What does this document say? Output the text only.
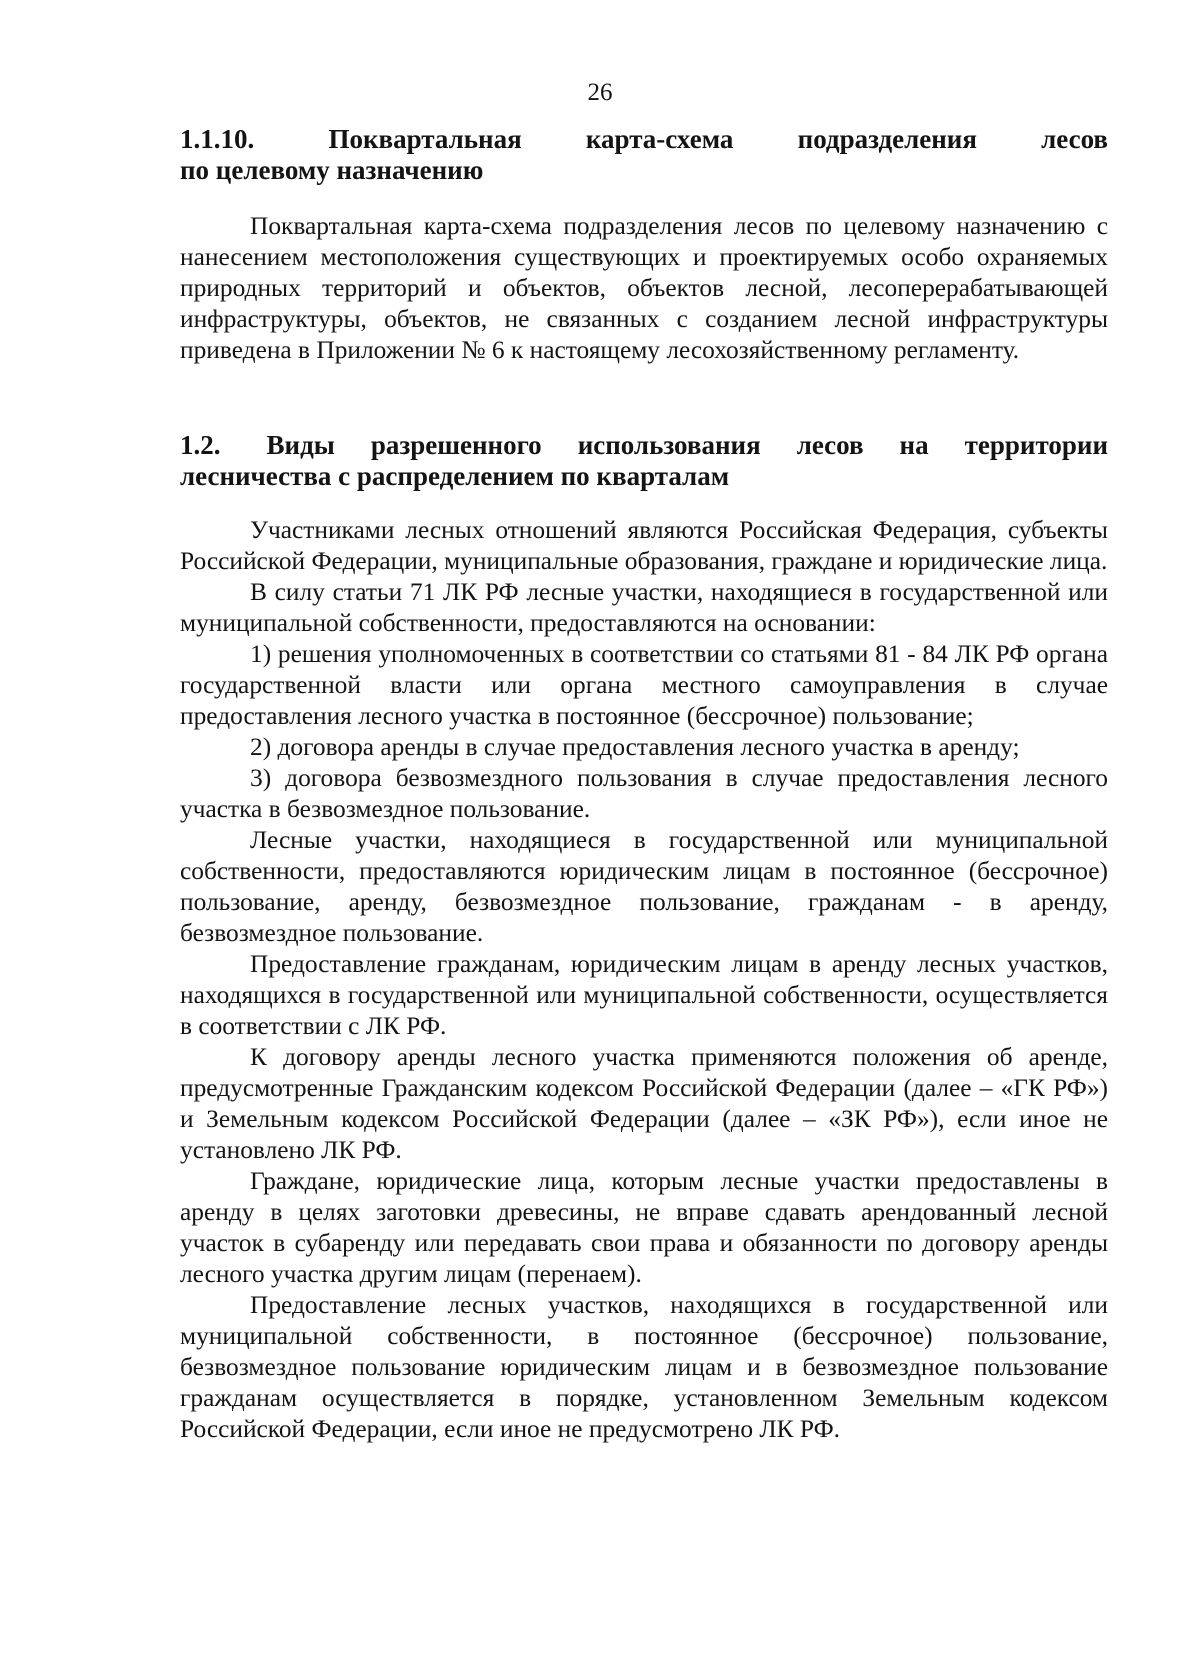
26
1.1.10.	Поквартальная карта-схема подразделения лесов
по целевому назначению

Поквартальная карта-схема подразделения лесов по целевому назначению с нанесением местоположения существующих и проектируемых особо охраняемых природных территорий и объектов, объектов лесной, лесоперерабатывающей инфраструктуры, объектов, не связанных с созданием лесной инфраструктуры приведена в Приложении № 6 к настоящему лесохозяйственному регламенту.

1.2. Виды разрешенного использования лесов на территории
лесничества с распределением по кварталам

Участниками лесных отношений являются Российская Федерация, субъекты Российской Федерации, муниципальные образования, граждане и юридические лица.

В силу статьи 71 ЛК РФ лесные участки, находящиеся в государственной или муниципальной собственности, предоставляются на основании:

1) решения уполномоченных в соответствии со статьями 81 - 84 ЛК РФ органа государственной власти или органа местного самоуправления в случае предоставления лесного участка в постоянное (бессрочное) пользование;

2) договора аренды в случае предоставления лесного участка в аренду;

3) договора безвозмездного пользования в случае предоставления лесного участка в безвозмездное пользование.

Лесные участки, находящиеся в государственной или муниципальной собственности, предоставляются юридическим лицам в постоянное (бессрочное) пользование, аренду, безвозмездное пользование, гражданам - в аренду, безвозмездное пользование.

Предоставление гражданам, юридическим лицам в аренду лесных участков, находящихся в государственной или муниципальной собственности, осуществляется в соответствии с ЛК РФ.

К договору аренды лесного участка применяются положения об аренде, предусмотренные Гражданским кодексом Российской Федерации (далее – «ГК РФ») и Земельным кодексом Российской Федерации (далее – «ЗК РФ»), если иное не установлено ЛК РФ.

Граждане, юридические лица, которым лесные участки предоставлены в аренду в целях заготовки древесины, не вправе сдавать арендованный лесной участок в субаренду или передавать свои права и обязанности по договору аренды лесного участка другим лицам (перенаем).

Предоставление лесных участков, находящихся в государственной или муниципальной собственности, в постоянное (бессрочное) пользование, безвозмездное пользование юридическим лицам и в безвозмездное пользование гражданам осуществляется в порядке, установленном Земельным кодексом Российской Федерации, если иное не предусмотрено ЛК РФ.
